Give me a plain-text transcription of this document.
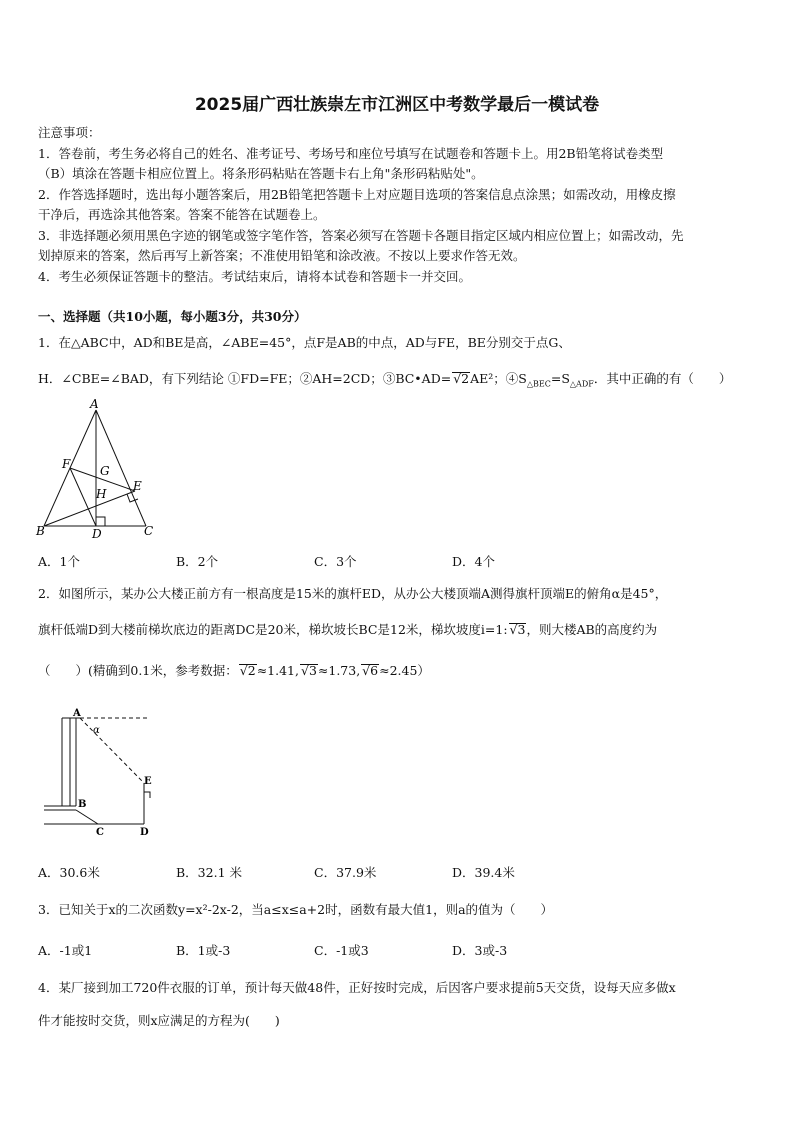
2025届广西壮族崇左市江洲区中考数学最后一模试卷
注意事项：
1．答卷前，考生务必将自己的姓名、准考证号、考场号和座位号填写在试题卷和答题卡上。用2B铅笔将试卷类型
（B）填涂在答题卡相应位置上。将条形码粘贴在答题卡右上角"条形码粘贴处"。
2．作答选择题时，选出每小题答案后，用2B铅笔把答题卡上对应题目选项的答案信息点涂黑；如需改动，用橡皮擦
干净后，再选涂其他答案。答案不能答在试题卷上。
3．非选择题必须用黑色字迹的钢笔或签字笔作答，答案必须写在答题卡各题目指定区域内相应位置上；如需改动，先
划掉原来的答案，然后再写上新答案；不准使用铅笔和涂改液。不按以上要求作答无效。
4．考生必须保证答题卡的整洁。考试结束后，请将本试卷和答题卡一并交回。
一、选择题（共10小题，每小题3分，共30分）
1．在△ABC中，AD和BE是高，∠ABE=45°，点F是AB的中点，AD与FE，BE分别交于点G、
H．∠CBE=∠BAD，有下列结论 ①FD=FE；②AH=2CD；③BC•AD= √2AE²；$④S_{\triangle BEC}=S_{\triangle ADF}$．其中正确的有（　　）
A
F G
H
E
B	D	C
A．1个	B．2个	C．3个	D．4个
2．如图所示，某办公大楼正前方有一根高度是15米的旗杆ED，从办公大楼顶端A测得旗杆顶端E的俯角α是45°，
旗杆低端D到大楼前梯坎底边的距离DC是20米，梯坎坡长BC是12米，梯坎坡度i=1: √3，则大楼AB的高度约为
（　　）(精确到0.1米，参考数据： √2≈1.41, √3≈1.73, √6≈2.45）
A
α
E
B
C	D
A．30.6米	B．32.1 米	C．37.9米	D．39.4米
3．已知关于x的二次函数y=x²-2x-2，当a≤x≤a+2时，函数有最大值1，则a的值为（　　）
A．-1或1	B．1或-3	C．-1或3	D．3或-3
4．某厂接到加工720件衣服的订单，预计每天做48件，正好按时完成，后因客户要求提前5天交货，设每天应多做x
件才能按时交货，则x应满足的方程为(　　)
